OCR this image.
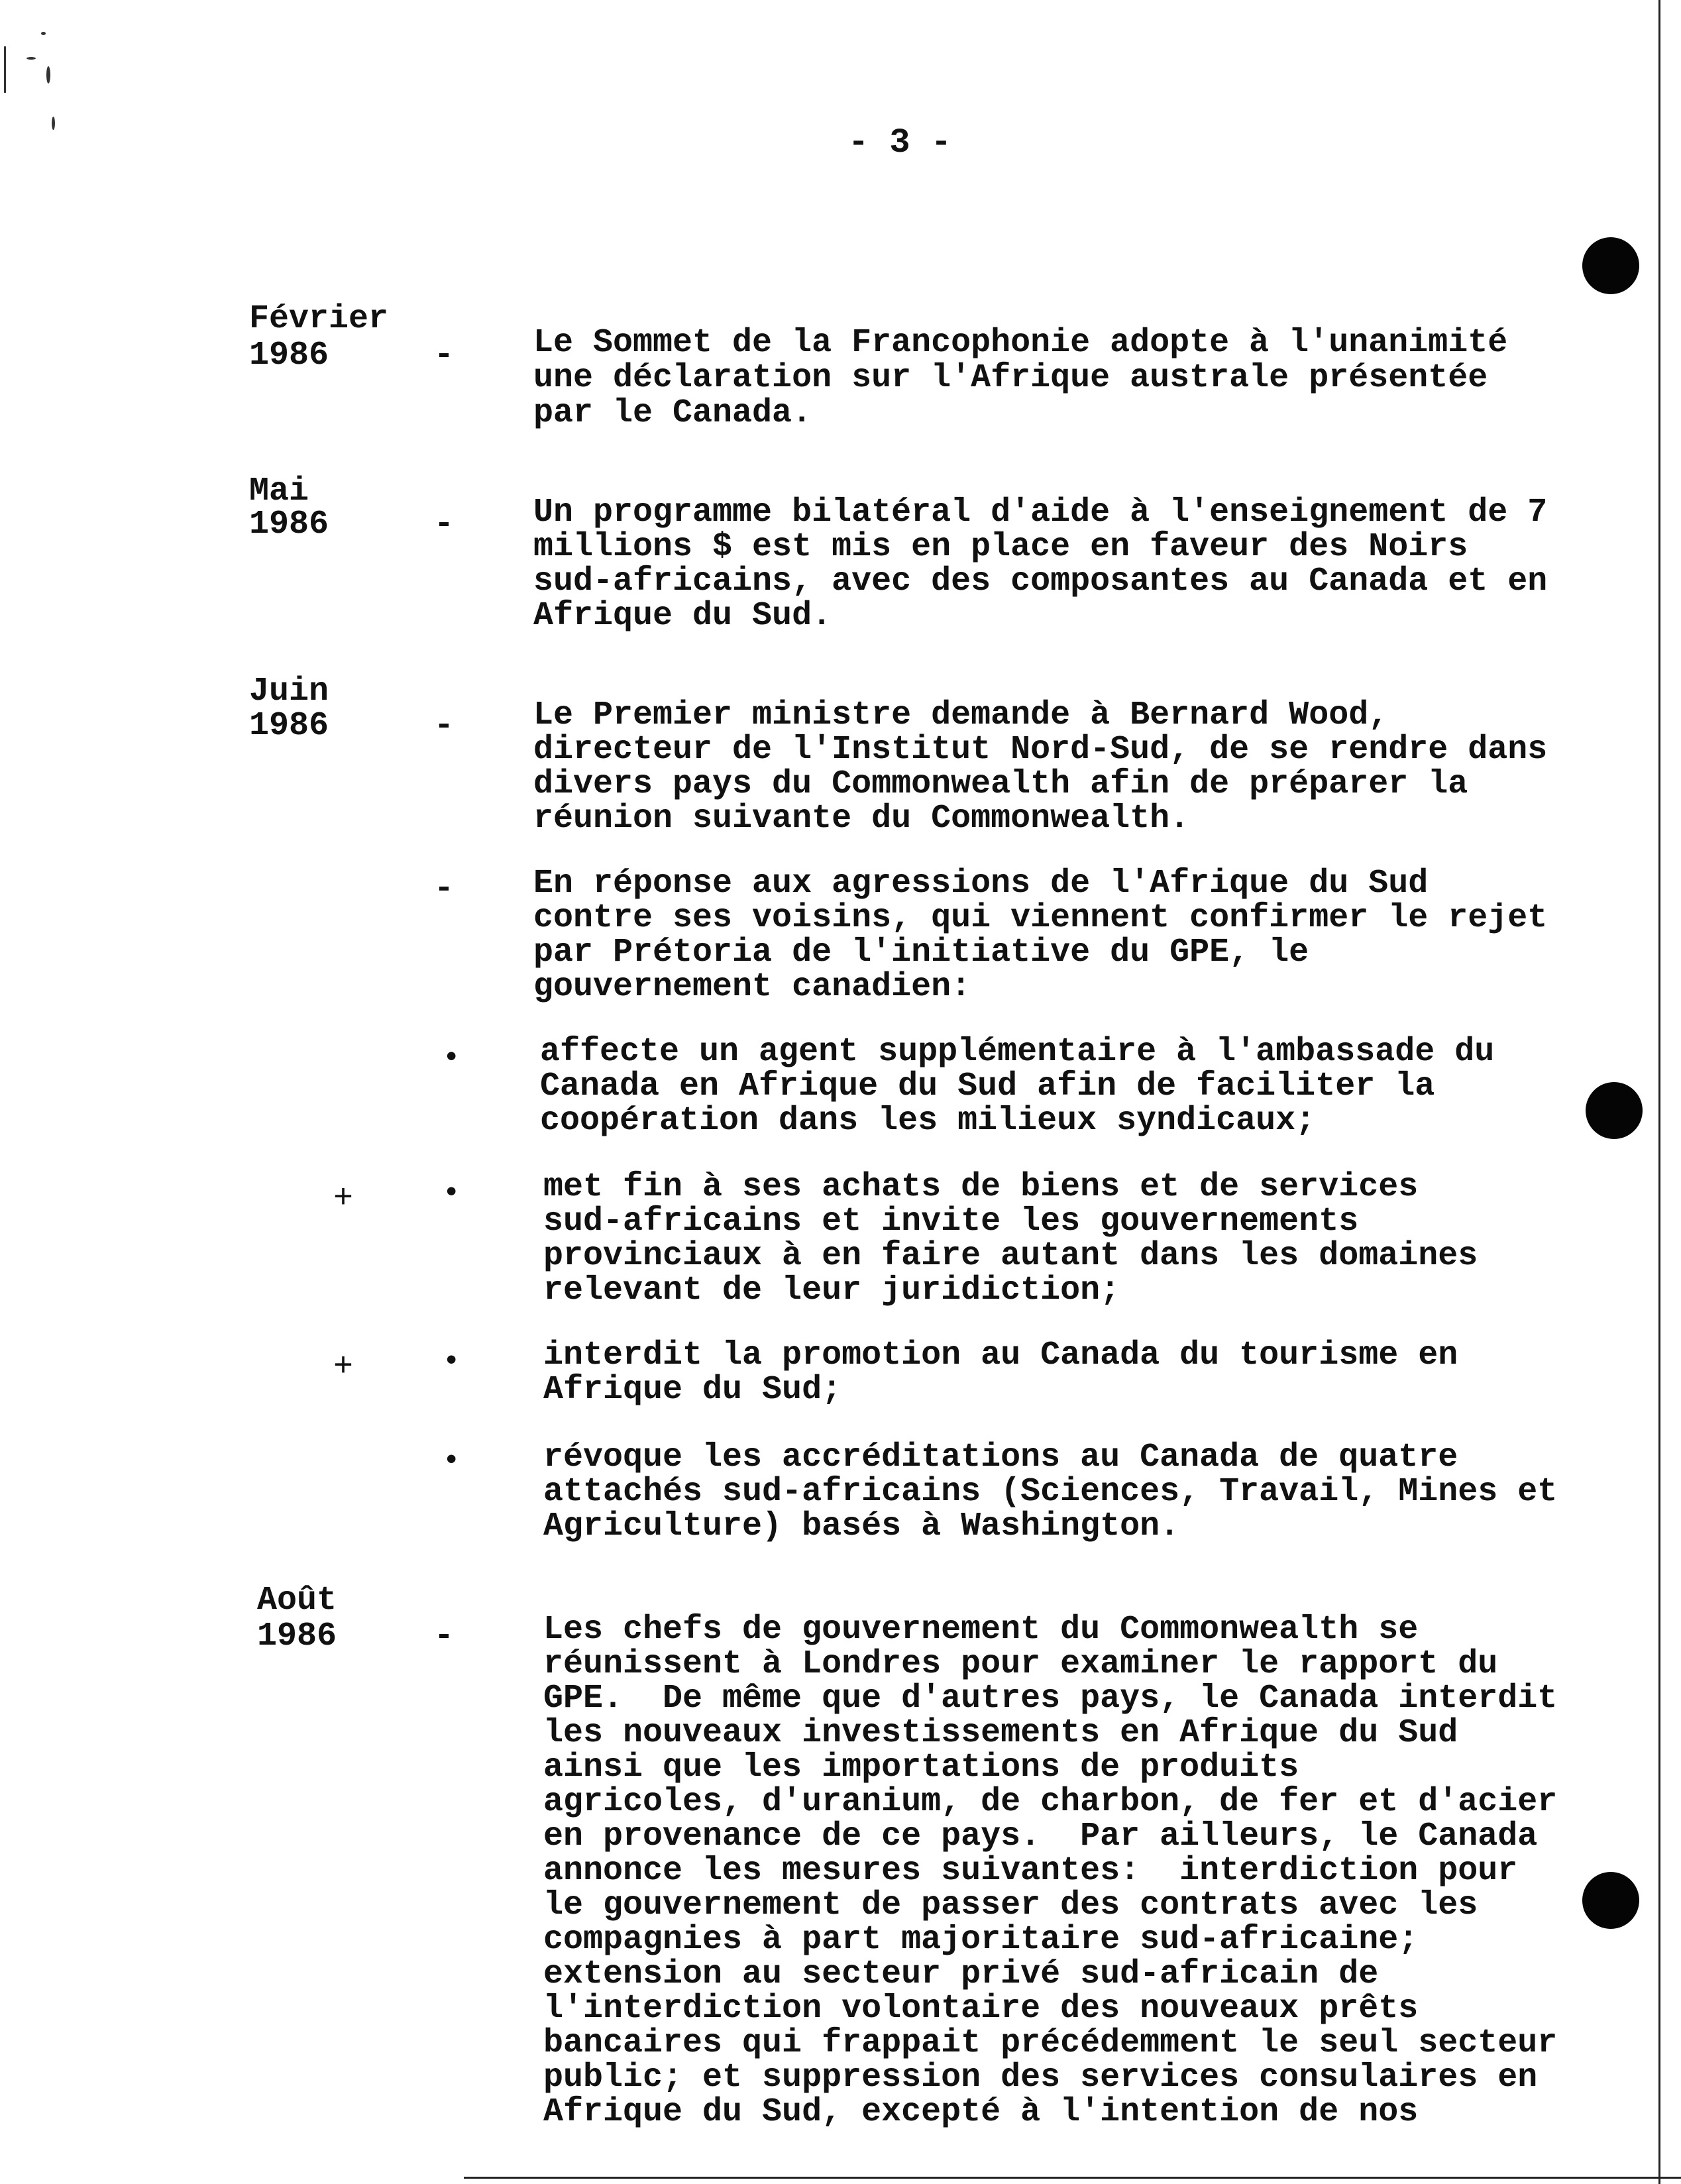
- 3 -
Février
1986	- Le Sommet de la Francophonie adopte à l'unanimité
une déclaration sur l'Afrique australe présentée
par le Canada.
Mai
1986	- Un programme bilatéral d'aide à l'enseignement de 7
millions $ est mis en place en faveur des Noirs
sud-africains, avec des composantes au Canada et en
Afrique du Sud.
Juin
1986	- Le Premier ministre demande à Bernard Wood,
directeur de l'Institut Nord-Sud, de se rendre dans
divers pays du Commonwealth afin de préparer la
réunion suivante du Commonwealth.
- En réponse aux agressions de l'Afrique du Sud
contre ses voisins, qui viennent confirmer le rejet
par Prétoria de l'initiative du GPE, le
gouvernement canadien:
• affecte un agent supplémentaire à l'ambassade du
Canada en Afrique du Sud afin de faciliter la
coopération dans les milieux syndicaux;
+	•	met fin à ses achats de biens et de services
sud-africains et invite les gouvernements
provinciaux à en faire autant dans les domaines
relevant de leur juridiction;
+	•	interdit la promotion au Canada du tourisme en
Afrique du Sud;
•	révoque les accréditations au Canada de quatre
attachés sud-africains (Sciences, Travail, Mines et
Agriculture) basés à Washington.
Août
1986	-	Les chefs de gouvernement du Commonwealth se
réunissent à Londres pour examiner le rapport du
GPE.  De même que d'autres pays, le Canada interdit
les nouveaux investissements en Afrique du Sud
ainsi que les importations de produits
agricoles, d'uranium, de charbon, de fer et d'acier
en provenance de ce pays.  Par ailleurs, le Canada
annonce les mesures suivantes:  interdiction pour
le gouvernement de passer des contrats avec les
compagnies à part majoritaire sud-africaine;
extension au secteur privé sud-africain de
l'interdiction volontaire des nouveaux prêts
bancaires qui frappait précédemment le seul secteur
public; et suppression des services consulaires en
Afrique du Sud, excepté à l'intention de nos
